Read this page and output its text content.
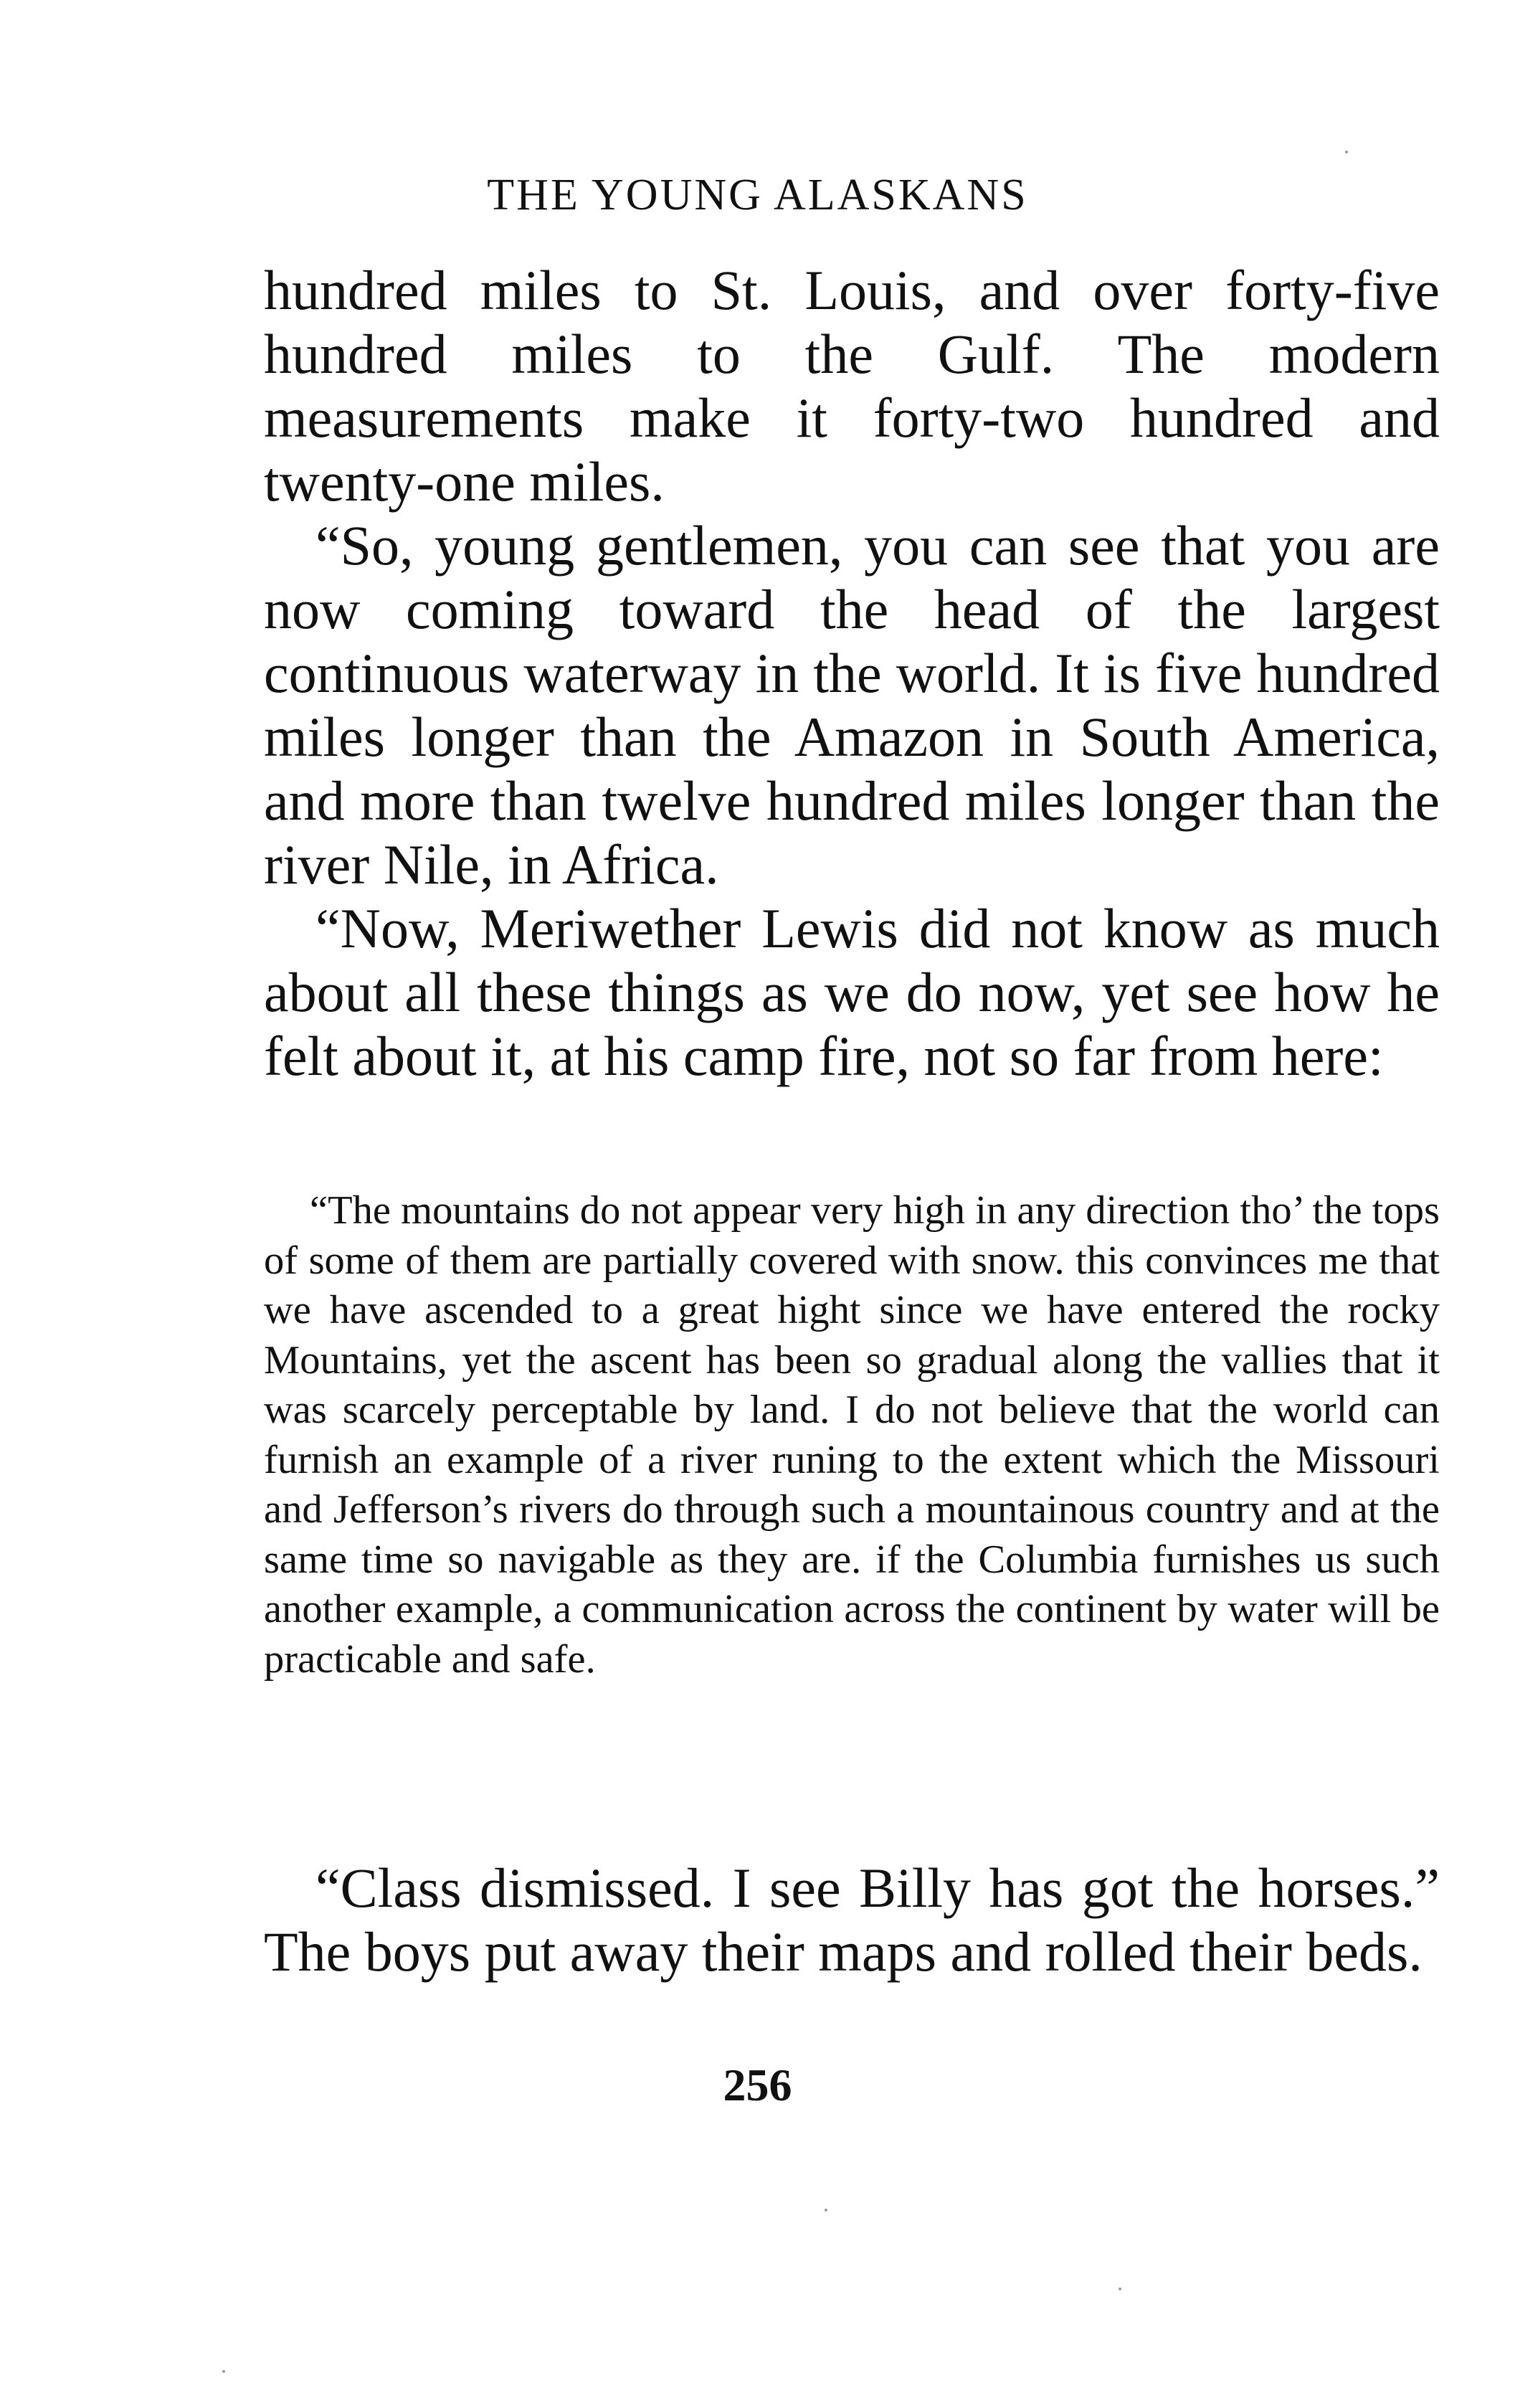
THE YOUNG ALASKANS

hundred miles to St. Louis, and over forty-five hundred miles to the Gulf. The modern measurements make it forty-two hundred and twenty-one miles.

“So, young gentlemen, you can see that you are now coming toward the head of the largest continuous waterway in the world. It is five hundred miles longer than the Amazon in South America, and more than twelve hundred miles longer than the river Nile, in Africa.

“Now, Meriwether Lewis did not know as much about all these things as we do now, yet see how he felt about it, at his camp fire, not so far from here:

“The mountains do not appear very high in any direction tho’ the tops of some of them are partially covered with snow. this convinces me that we have ascended to a great hight since we have entered the rocky Mountains, yet the ascent has been so gradual along the vallies that it was scarcely perceptable by land. I do not believe that the world can furnish an example of a river runing to the extent which the Missouri and Jefferson’s rivers do through such a mountainous country and at the same time so navigable as they are. if the Columbia furnishes us such another example, a communication across the continent by water will be practicable and safe.

“Class dismissed. I see Billy has got the horses.” The boys put away their maps and rolled their beds.

256
